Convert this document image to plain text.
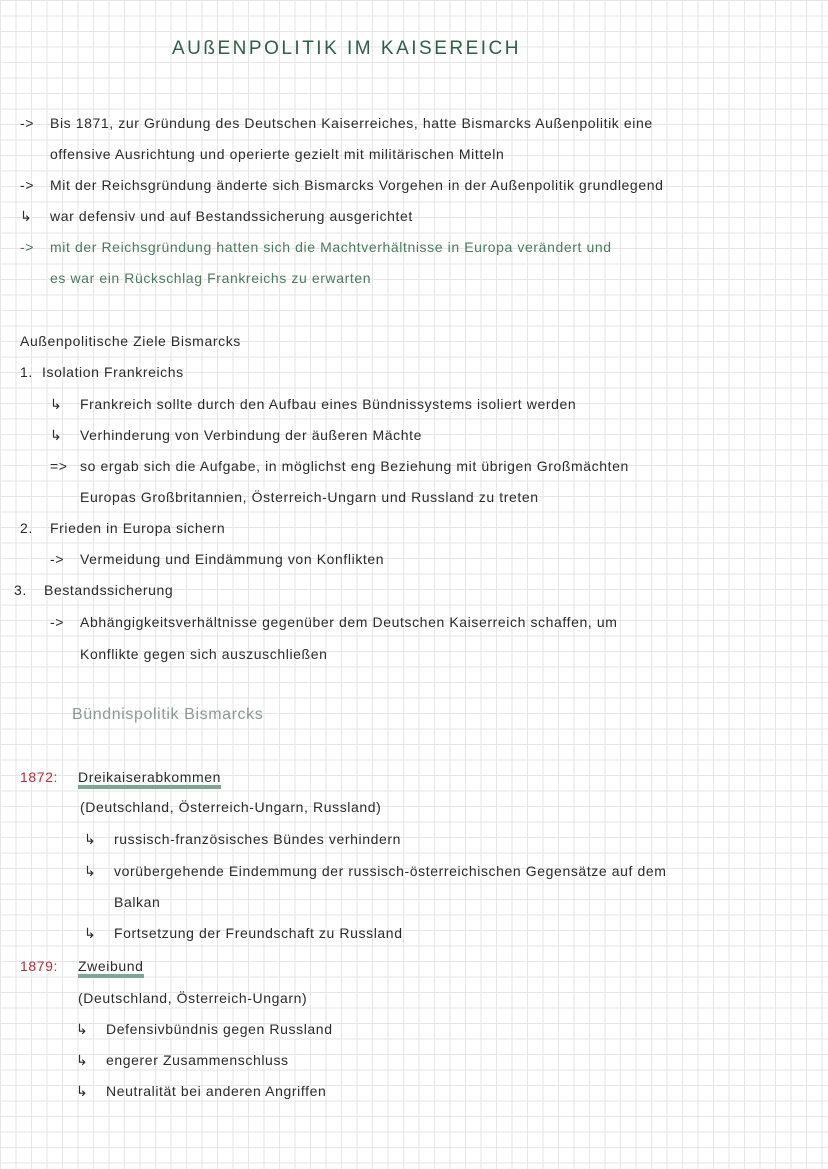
AUßENPOLITIK IM KAISEREICH
-> Bis 1871, zur Gründung des Deutschen Kaiserreiches, hatte Bismarcks Außenpolitik eine
offensive Ausrichtung und operierte gezielt mit militärischen Mitteln
-> Mit der Reichsgründung änderte sich Bismarcks Vorgehen in der Außenpolitik grundlegend
↳ war defensiv und auf Bestandssicherung ausgerichtet
-> mit der Reichsgründung hatten sich die Machtverhältnisse in Europa verändert und
es war ein Rückschlag Frankreichs zu erwarten
Außenpolitische Ziele Bismarcks
1. Isolation Frankreichs
↳ Frankreich sollte durch den Aufbau eines Bündnissystems isoliert werden
↳ Verhinderung von Verbindung der äußeren Mächte
=> so ergab sich die Aufgabe, in möglichst eng Beziehung mit übrigen Großmächten
Europas Großbritannien, Österreich-Ungarn und Russland zu treten
2. Frieden in Europa sichern
-> Vermeidung und Eindämmung von Konflikten
3. Bestandssicherung
-> Abhängigkeitsverhältnisse gegenüber dem Deutschen Kaiserreich schaffen, um
Konflikte gegen sich auszuschließen
Bündnispolitik Bismarcks
1872: Dreikaiserabkommen
(Deutschland, Österreich-Ungarn, Russland)
↳ russisch-französisches Bündes verhindern
↳ vorübergehende Eindemmung der russisch-österreichischen Gegensätze auf dem
Balkan
↳ Fortsetzung der Freundschaft zu Russland
1879: Zweibund
(Deutschland, Österreich-Ungarn)
↳ Defensivbündnis gegen Russland
↳ engerer Zusammenschluss
↳ Neutralität bei anderen Angriffen
